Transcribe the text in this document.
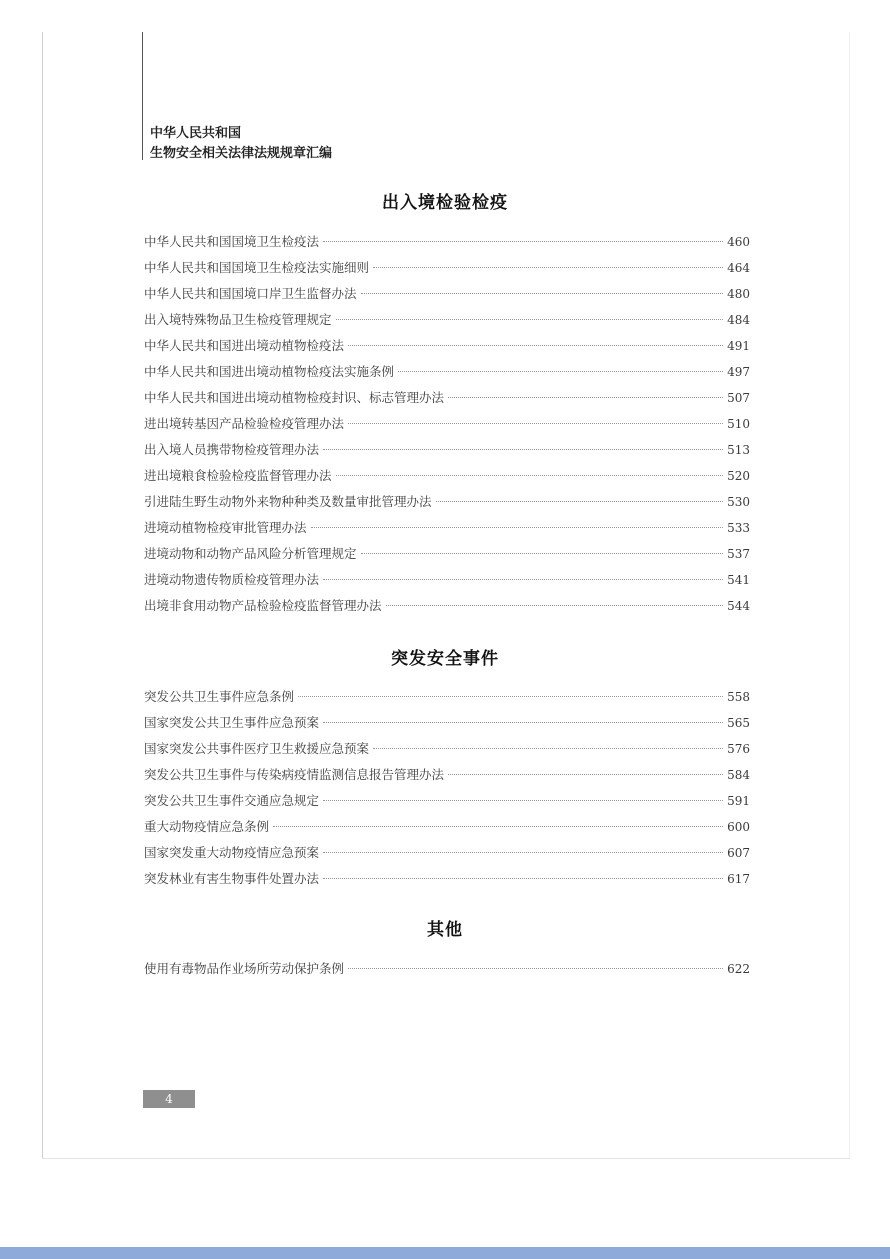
中华人民共和国
生物安全相关法律法规规章汇编
出入境检验检疫
中华人民共和国国境卫生检疫法	460
中华人民共和国国境卫生检疫法实施细则	464
中华人民共和国国境口岸卫生监督办法	480
出入境特殊物品卫生检疫管理规定	484
中华人民共和国进出境动植物检疫法	491
中华人民共和国进出境动植物检疫法实施条例	497
中华人民共和国进出境动植物检疫封识、标志管理办法	507
进出境转基因产品检验检疫管理办法	510
出入境人员携带物检疫管理办法	513
进出境粮食检验检疫监督管理办法	520
引进陆生野生动物外来物种种类及数量审批管理办法	530
进境动植物检疫审批管理办法	533
进境动物和动物产品风险分析管理规定	537
进境动物遗传物质检疫管理办法	541
出境非食用动物产品检验检疫监督管理办法	544
突发安全事件
突发公共卫生事件应急条例	558
国家突发公共卫生事件应急预案	565
国家突发公共事件医疗卫生救援应急预案	576
突发公共卫生事件与传染病疫情监测信息报告管理办法	584
突发公共卫生事件交通应急规定	591
重大动物疫情应急条例	600
国家突发重大动物疫情应急预案	607
突发林业有害生物事件处置办法	617
其他
使用有毒物品作业场所劳动保护条例	622
4
